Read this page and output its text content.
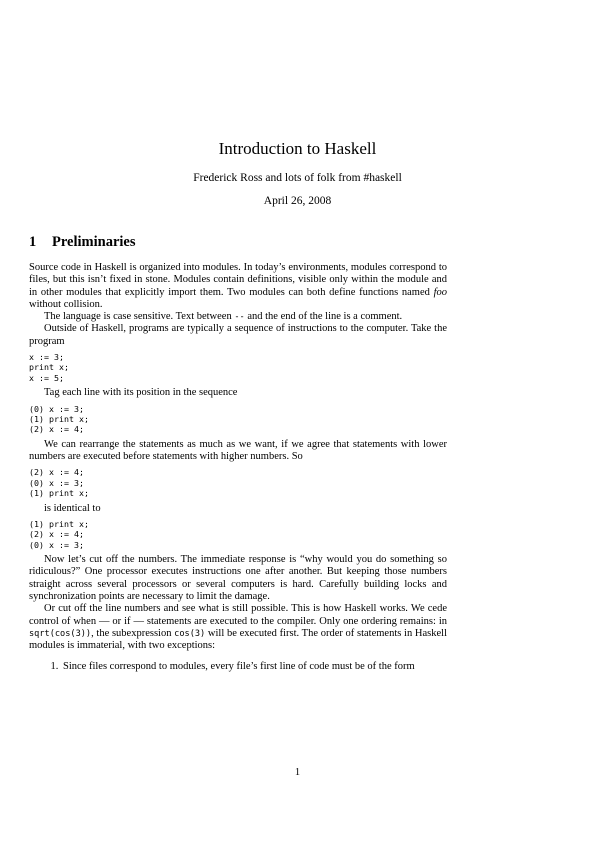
Introduction to Haskell
Frederick Ross and lots of folk from #haskell
April 26, 2008
1 Preliminaries

Source code in Haskell is organized into modules. In today’s environments, modules correspond to files, but this isn’t fixed in stone. Modules contain definitions, visible only within the module and in other modules that explicitly import them. Two modules can both define functions named foo without collision.

The language is case sensitive. Text between -- and the end of the line is a comment.

Outside of Haskell, programs are typically a sequence of instructions to the computer. Take the program

x := 3;
print x;
x := 5;

Tag each line with its position in the sequence

(0) x := 3;
(1) print x;
(2) x := 4;

We can rearrange the statements as much as we want, if we agree that statements with lower numbers are executed before statements with higher numbers. So

(2) x := 4;
(0) x := 3;
(1) print x;

is identical to

(1) print x;
(2) x := 4;
(0) x := 3;

Now let’s cut off the numbers. The immediate response is “why would you do something so ridiculous?” One processor executes instructions one after another. But keeping those numbers straight across several processors or several computers is hard. Carefully building locks and synchronization points are necessary to limit the damage.

Or cut off the line numbers and see what is still possible. This is how Haskell works. We cede control of when — or if — statements are executed to the compiler. Only one ordering remains: in sqrt(cos(3)), the subexpression cos(3) will be executed first. The order of statements in Haskell modules is immaterial, with two exceptions:

1. Since files correspond to modules, every file’s first line of code must be of the form
1
